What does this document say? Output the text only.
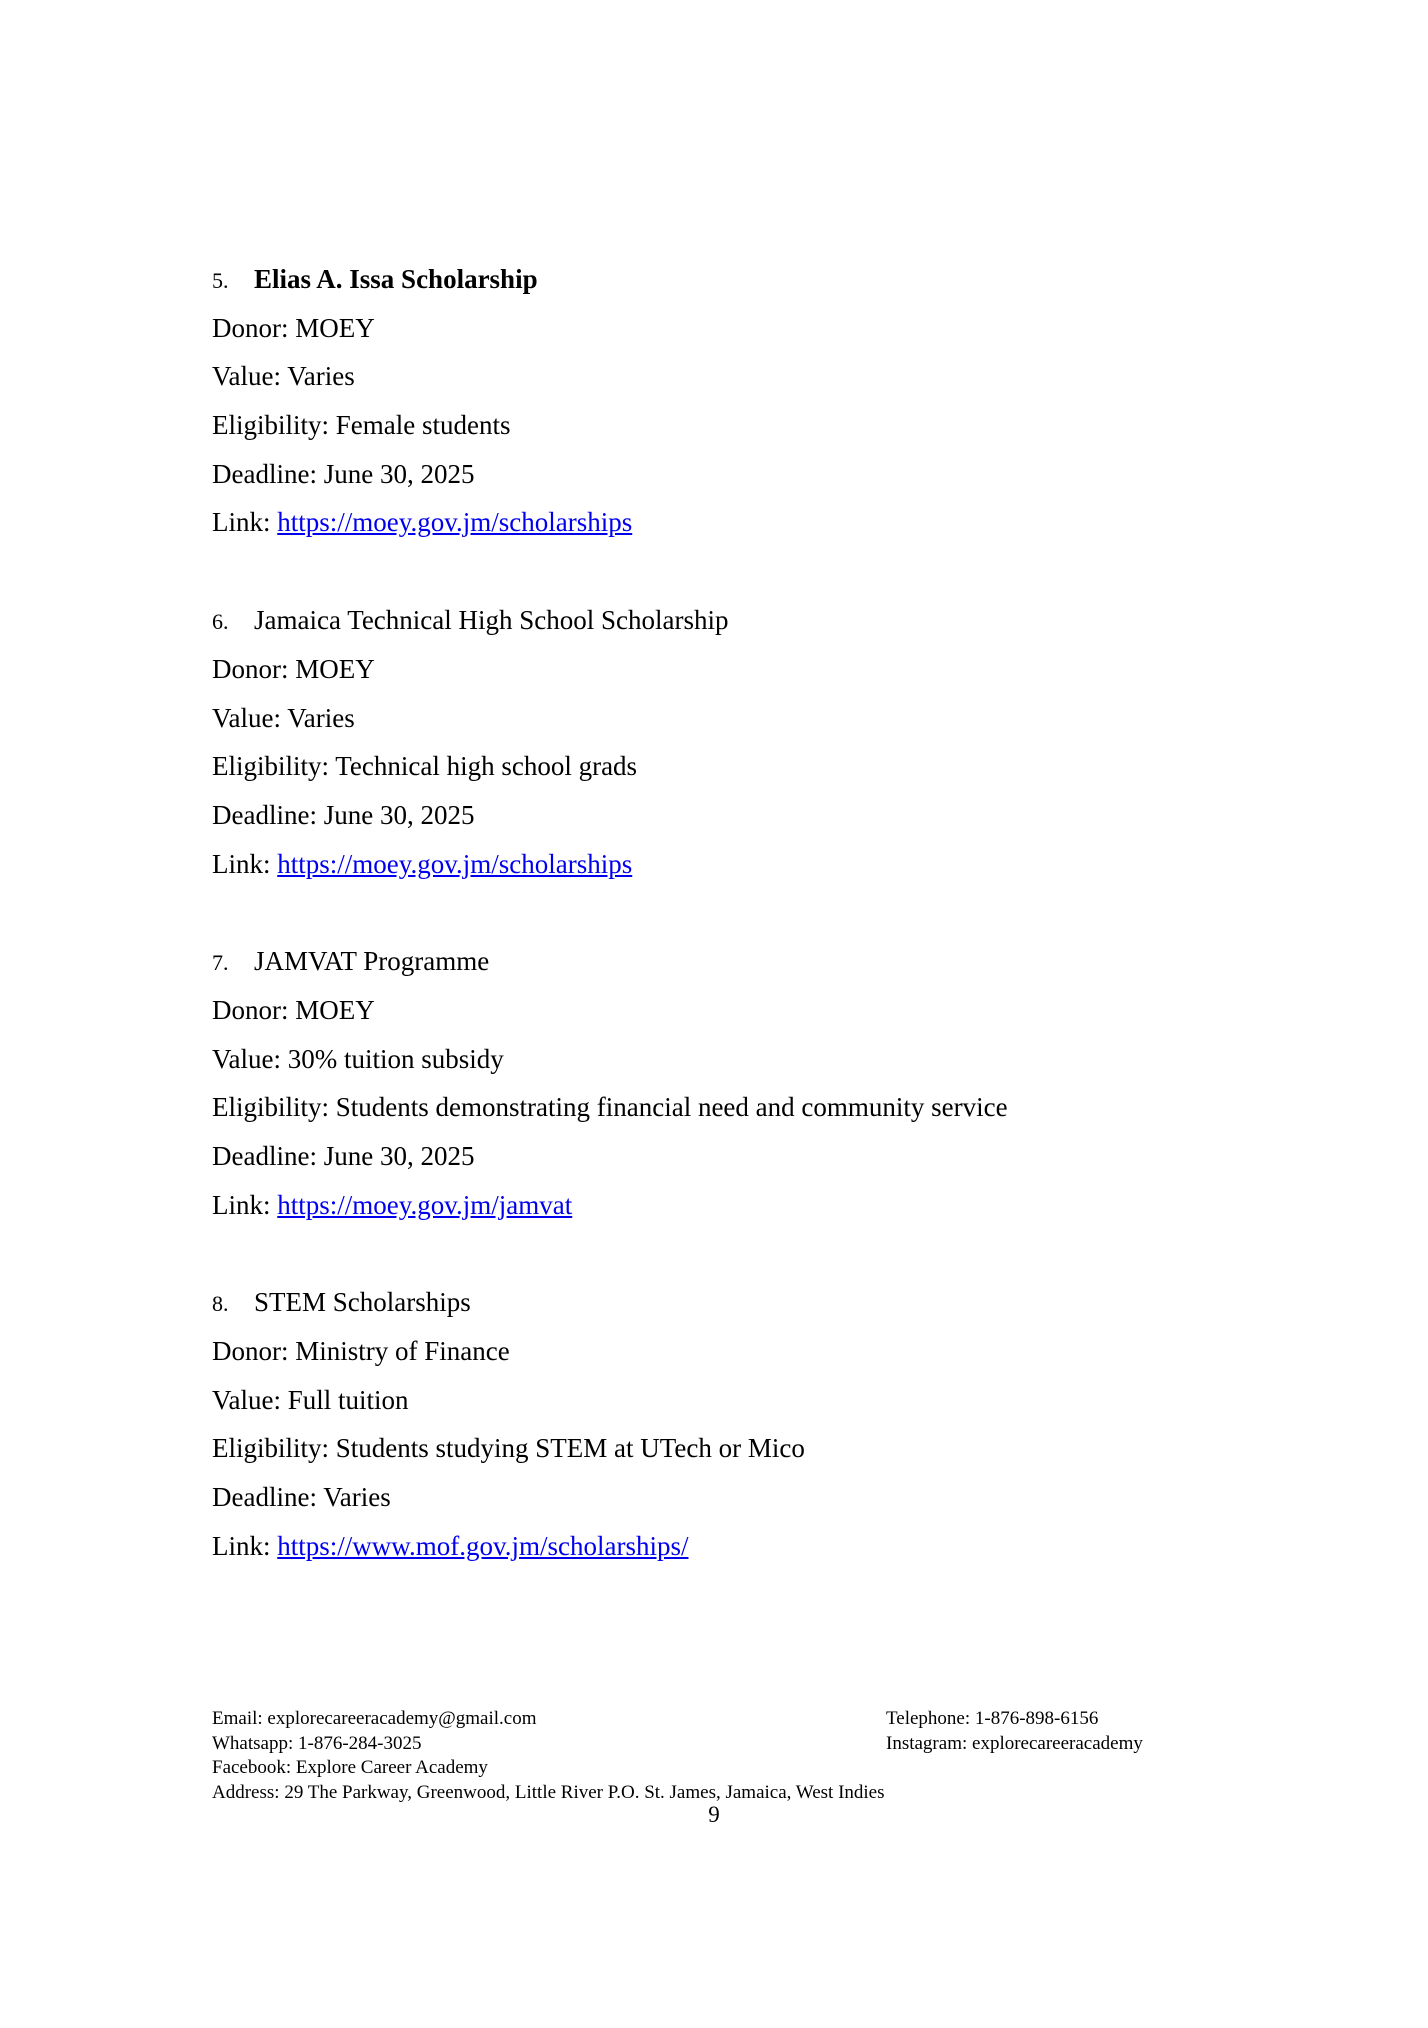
5. Elias A. Issa Scholarship
Donor: MOEY
Value: Varies
Eligibility: Female students
Deadline: June 30, 2025
Link: https://moey.gov.jm/scholarships
6. Jamaica Technical High School Scholarship
Donor: MOEY
Value: Varies
Eligibility: Technical high school grads
Deadline: June 30, 2025
Link: https://moey.gov.jm/scholarships
7. JAMVAT Programme
Donor: MOEY
Value: 30% tuition subsidy
Eligibility: Students demonstrating financial need and community service
Deadline: June 30, 2025
Link: https://moey.gov.jm/jamvat
8. STEM Scholarships
Donor: Ministry of Finance
Value: Full tuition
Eligibility: Students studying STEM at UTech or Mico
Deadline: Varies
Link: https://www.mof.gov.jm/scholarships/
Email: explorecareeracademy@gmail.com	Telephone: 1-876-898-6156
Whatsapp: 1-876-284-3025	Instagram: explorecareeracademy
Facebook: Explore Career Academy
Address: 29 The Parkway, Greenwood, Little River P.O. St. James, Jamaica, West Indies
9
